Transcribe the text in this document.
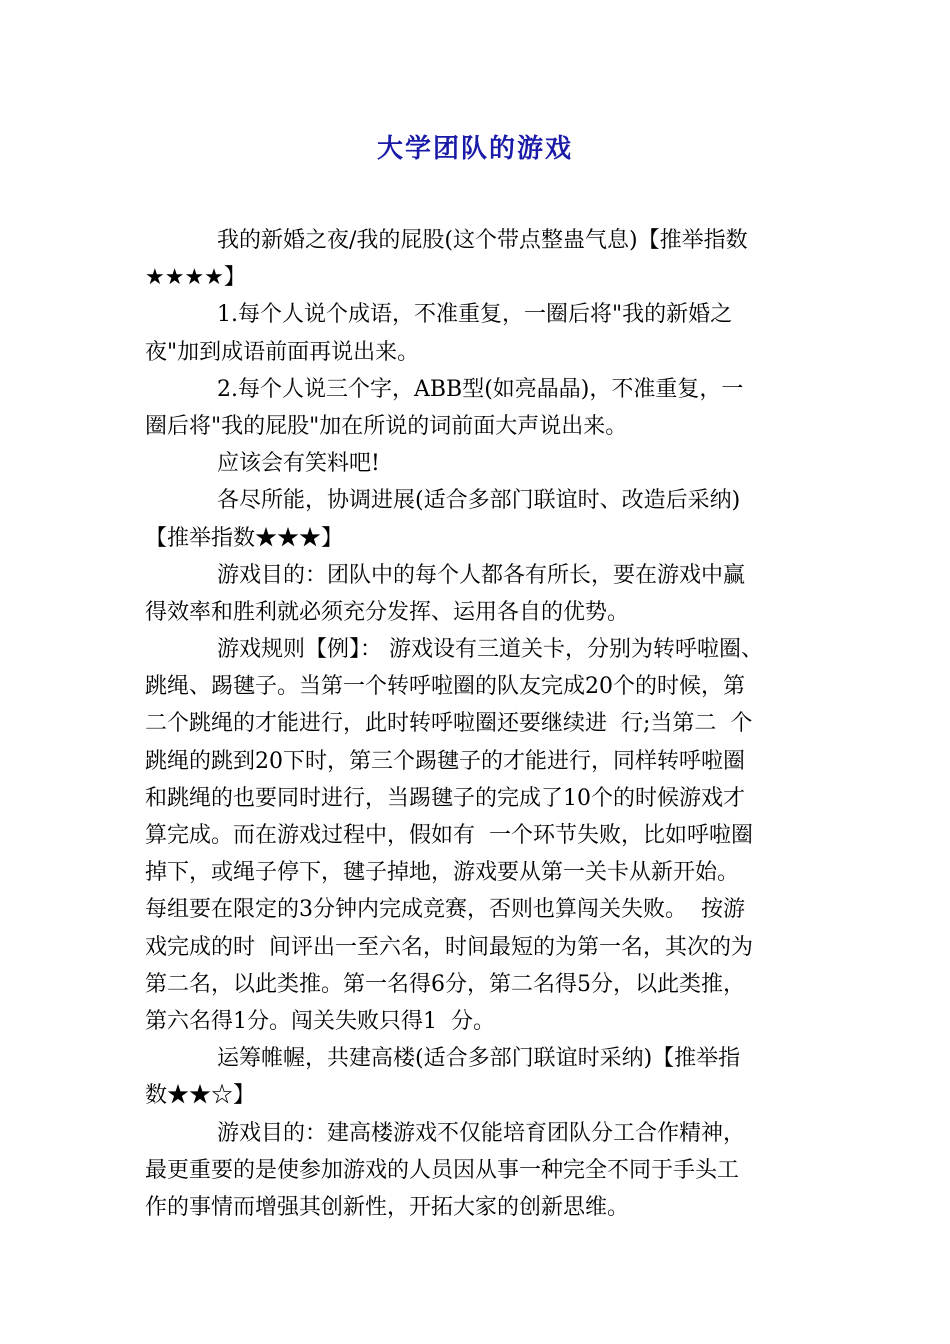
大学团队的游戏
我的新婚之夜/我的屁股(这个带点整蛊气息)【推举指数
★★★★】
1.每个人说个成语，不准重复，一圈后将"我的新婚之
夜"加到成语前面再说出来。
2.每个人说三个字，ABB型(如亮晶晶)，不准重复，一
圈后将"我的屁股"加在所说的词前面大声说出来。
应该会有笑料吧!
各尽所能，协调进展(适合多部门联谊时、改造后采纳)
【推举指数★★★】
游戏目的：团队中的每个人都各有所长，要在游戏中赢
得效率和胜利就必须充分发挥、运用各自的优势。
游戏规则【例】： 游戏设有三道关卡，分别为转呼啦圈、
跳绳、踢毽子。当第一个转呼啦圈的队友完成20个的时候，第
二个跳绳的才能进行，此时转呼啦圈还要继续进  行;当第二  个
跳绳的跳到20下时，第三个踢毽子的才能进行，同样转呼啦圈
和跳绳的也要同时进行，当踢毽子的完成了10个的时候游戏才
算完成。而在游戏过程中，假如有  一个环节失败，比如呼啦圈
掉下，或绳子停下，毽子掉地，游戏要从第一关卡从新开始。
每组要在限定的3分钟内完成竞赛，否则也算闯关失败。  按游
戏完成的时  间评出一至六名，时间最短的为第一名，其次的为
第二名，以此类推。第一名得6分，第二名得5分，以此类推，
第六名得1分。闯关失败只得1  分。
运筹帷幄，共建高楼(适合多部门联谊时采纳)【推举指
数★★☆】
游戏目的：建高楼游戏不仅能培育团队分工合作精神，
最更重要的是使参加游戏的人员因从事一种完全不同于手头工
作的事情而增强其创新性，开拓大家的创新思维。
